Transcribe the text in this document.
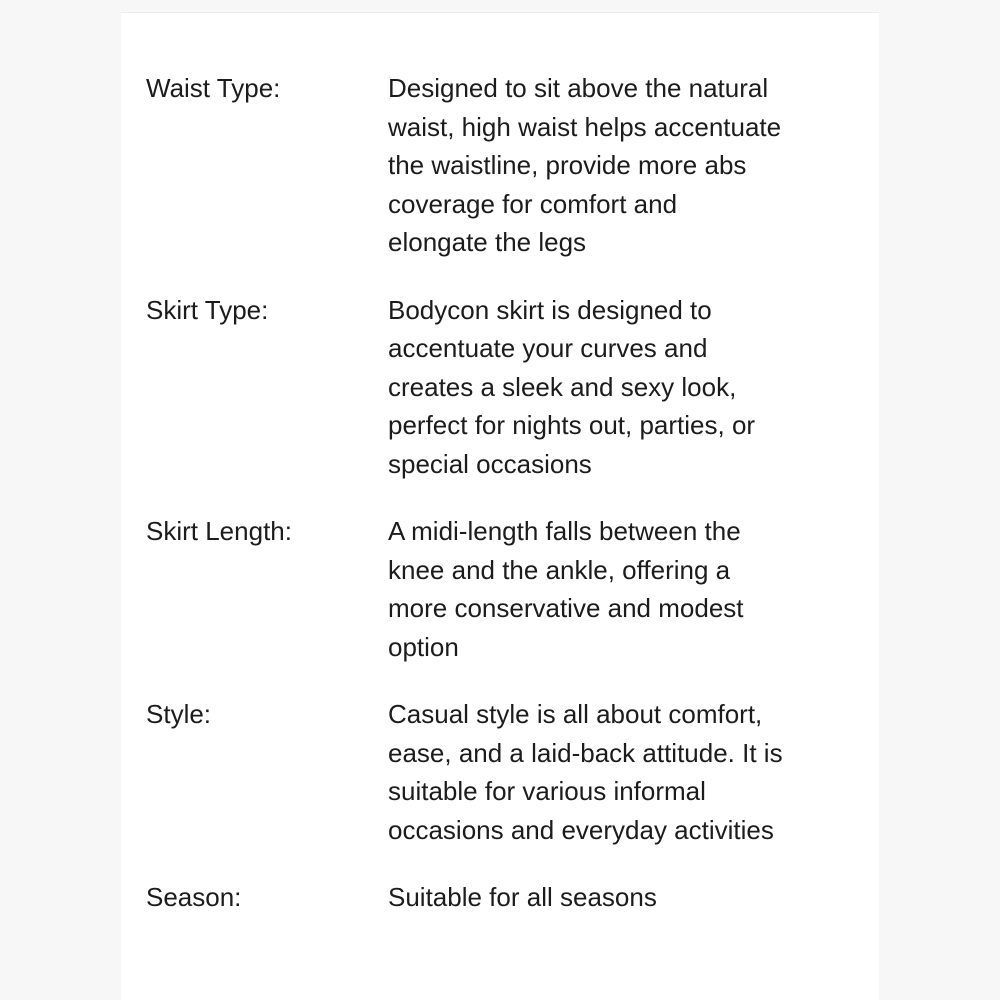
Waist Type:	Designed to sit above the natural
waist, high waist helps accentuate
the waistline, provide more abs
coverage for comfort and
elongate the legs
Skirt Type:	Bodycon skirt is designed to
accentuate your curves and
creates a sleek and sexy look,
perfect for nights out, parties, or
special occasions
Skirt Length:	A midi-length falls between the
knee and the ankle, offering a
more conservative and modest
option
Style:	Casual style is all about comfort,
ease, and a laid-back attitude. It is
suitable for various informal
occasions and everyday activities
Season:	Suitable for all seasons
